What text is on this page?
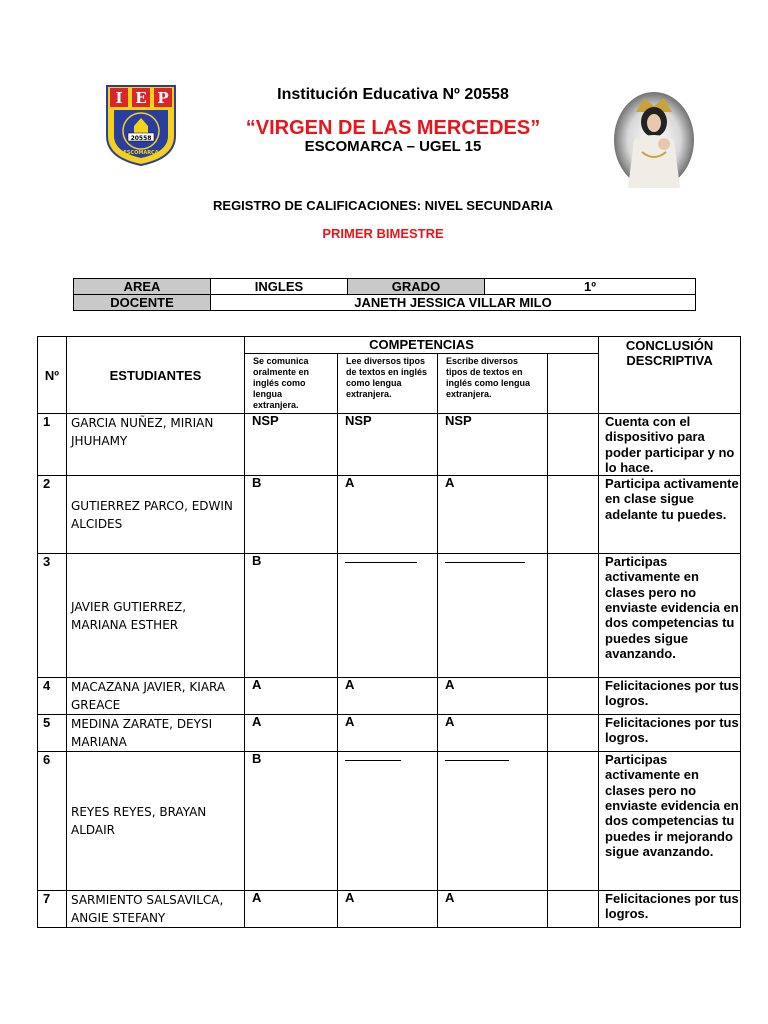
I E P
20558
ESCOMARCA
Institución Educativa Nº 20558
“VIRGEN DE LAS MERCEDES”
ESCOMARCA – UGEL 15
REGISTRO DE CALIFICACIONES: NIVEL SECUNDARIA
PRIMER BIMESTRE
AREA	INGLES	GRADO	1º
DOCENTE	JANETH JESSICA VILLAR MILO		
Nº	ESTUDIANTES	COMPETENCIAS				CONCLUSIÓN DESCRIPTIVA
		Se comunica oralmente en inglés como lengua extranjera.	Lee diversos tipos de textos en inglés como lengua extranjera.	Escribe diversos tipos de textos en inglés como lengua extranjera.		
1	GARCIA NUÑEZ, MIRIAN JHUHAMY	NSP	NSP	NSP		Cuenta con el dispositivo para poder participar y no lo hace.
2	GUTIERREZ PARCO, EDWIN ALCIDES	B	A	A		Participa activamente en clase sigue adelante tu puedes.
3	JAVIER GUTIERREZ, MARIANA ESTHER	B				Participas activamente en clases pero no enviaste evidencia en dos competencias tu puedes sigue avanzando.
4	MACAZANA JAVIER, KIARA GREACE	A	A	A		Felicitaciones por tus logros.
5	MEDINA ZARATE, DEYSI MARIANA	A	A	A		Felicitaciones por tus logros.
6	REYES REYES, BRAYAN ALDAIR	B				Participas activamente en clases pero no enviaste evidencia en dos competencias tu puedes ir mejorando sigue avanzando.
7	SARMIENTO SALSAVILCA, ANGIE STEFANY	A	A	A		Felicitaciones por tus logros.
